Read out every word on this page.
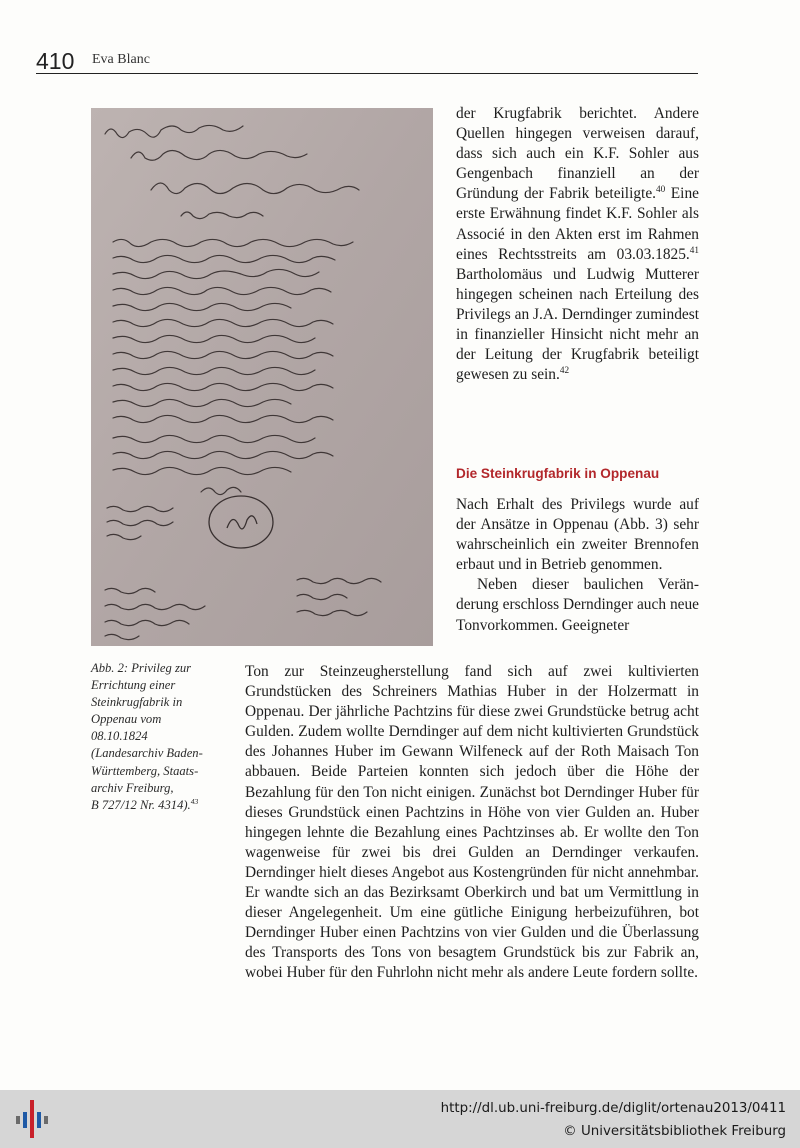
410 Eva Blanc
Abb. 2: Privileg zur
Errichtung einer
Steinkrugfabrik in
Oppenau vom
08.10.1824
(Landesarchiv Baden-
Württemberg, Staats-
archiv Freiburg,
B 727/12 Nr. 4314).$^{43}$

der Krugfabrik berichtet. Andere Quellen hingegen verweisen darauf, dass sich auch ein K.F. Sohler aus Gengenbach finanziell an der Gründung der Fabrik beteiligte.$^{40}$ Eine erste Erwähnung findet K.F. Sohler als Associé in den Akten erst im Rahmen eines Rechtsstreits am 03.03.1825.41 Bartholomäus und Ludwig Mutterer hingegen scheinen nach Erteilung des Privilegs an J.A. Derndinger zumindest in finanzieller Hinsicht nicht mehr an der Leitung der Krugfabrik beteiligt gewesen zu sein.$^{42}$

Die Steinkrugfabrik in Oppenau

Nach Erhalt des Privilegs wurde auf der Ansätze in Oppenau (Abb. 3) sehr wahrscheinlich ein zweiter Brennofen erbaut und in Betrieb genommen.

Neben dieser baulichen Veränderung erschloss Derndinger auch neue Tonvorkommen. Geeigneter

Ton zur Steinzeugherstellung fand sich auf zwei kultivierten Grundstücken des Schreiners Mathias Huber in der Holzermatt in Oppenau. Der jährliche Pachtzins für diese zwei Grundstücke betrug acht Gulden. Zudem wollte Derndinger auf dem nicht kultivierten Grundstück des Johannes Huber im Gewann Wilfeneck auf der Roth Maisach Ton abbauen. Beide Parteien konnten sich jedoch über die Höhe der Bezahlung für den Ton nicht einigen. Zunächst bot Derndinger Huber für dieses Grundstück einen Pachtzins in Höhe von vier Gulden an. Huber hingegen lehnte die Bezahlung eines Pachtzinses ab. Er wollte den Ton wagenweise für zwei bis drei Gulden an Derndinger verkaufen. Derndinger hielt dieses Angebot aus Kostengründen für nicht annehmbar. Er wandte sich an das Bezirksamt Oberkirch und bat um Vermittlung in dieser Angelegenheit. Um eine gütliche Einigung herbeizuführen, bot Derndinger Huber einen Pachtzins von vier Gulden und die Überlassung des Transports des Tons von besagtem Grundstück bis zur Fabrik an, wobei Huber für den Fuhrlohn nicht mehr als andere Leute fordern sollte.

http://dl.ub.uni-freiburg.de/diglit/ortenau2013/0411
© Universitätsbibliothek Freiburg
